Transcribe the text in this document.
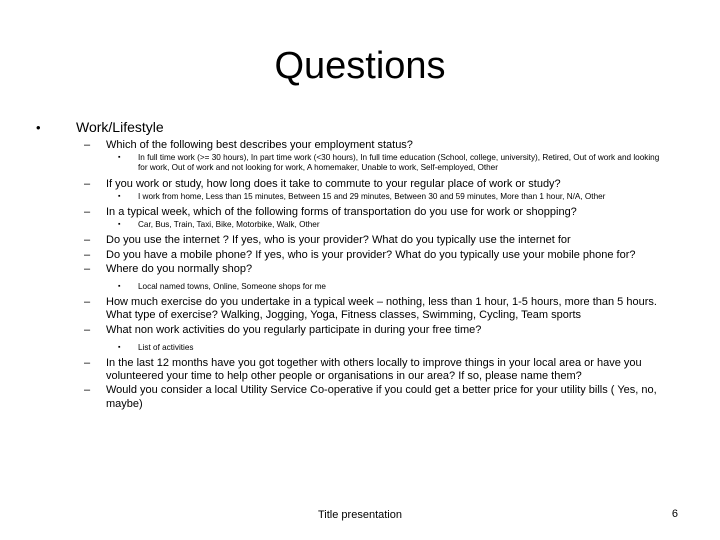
Questions
•	Work/Lifestyle
– Which of the following best describes your employment status?
▪ In full time work (>= 30 hours), In part time work (<30 hours), In full time education (School, college, university), Retired, Out of work and looking for work, Out of work and not looking for work, A homemaker, Unable to work, Self-employed, Other
– If you work or study, how long does it take to commute to your regular place of work or study?
▪ I work from home, Less than 15 minutes, Between 15 and 29 minutes, Between 30 and 59 minutes, More than 1 hour, N/A, Other
– In a typical week, which of the following forms of transportation do you use for work or shopping?
▪ Car, Bus, Train, Taxi, Bike, Motorbike, Walk, Other
– Do you use the internet ? If yes, who is your provider? What do you typically use the internet for
– Do you have a mobile phone? If yes, who is your provider? What do you typically use your mobile phone for?
– Where do you normally shop?
▪ Local named towns, Online, Someone shops for me
– How much exercise do you undertake in a typical week – nothing, less than 1 hour, 1-5 hours, more than 5 hours. What type of exercise? Walking, Jogging, Yoga, Fitness classes, Swimming, Cycling, Team sports
– What non work activities do you regularly participate in during your free time?
▪ List of activities
– In the last 12 months have you got together with others locally to improve things in your local area or have you volunteered your time to help other people or organisations in our area? If so, please name them?
– Would you consider a local Utility Service Co-operative if you could get a better price for your utility bills ( Yes, no, maybe)
Title presentation	6
